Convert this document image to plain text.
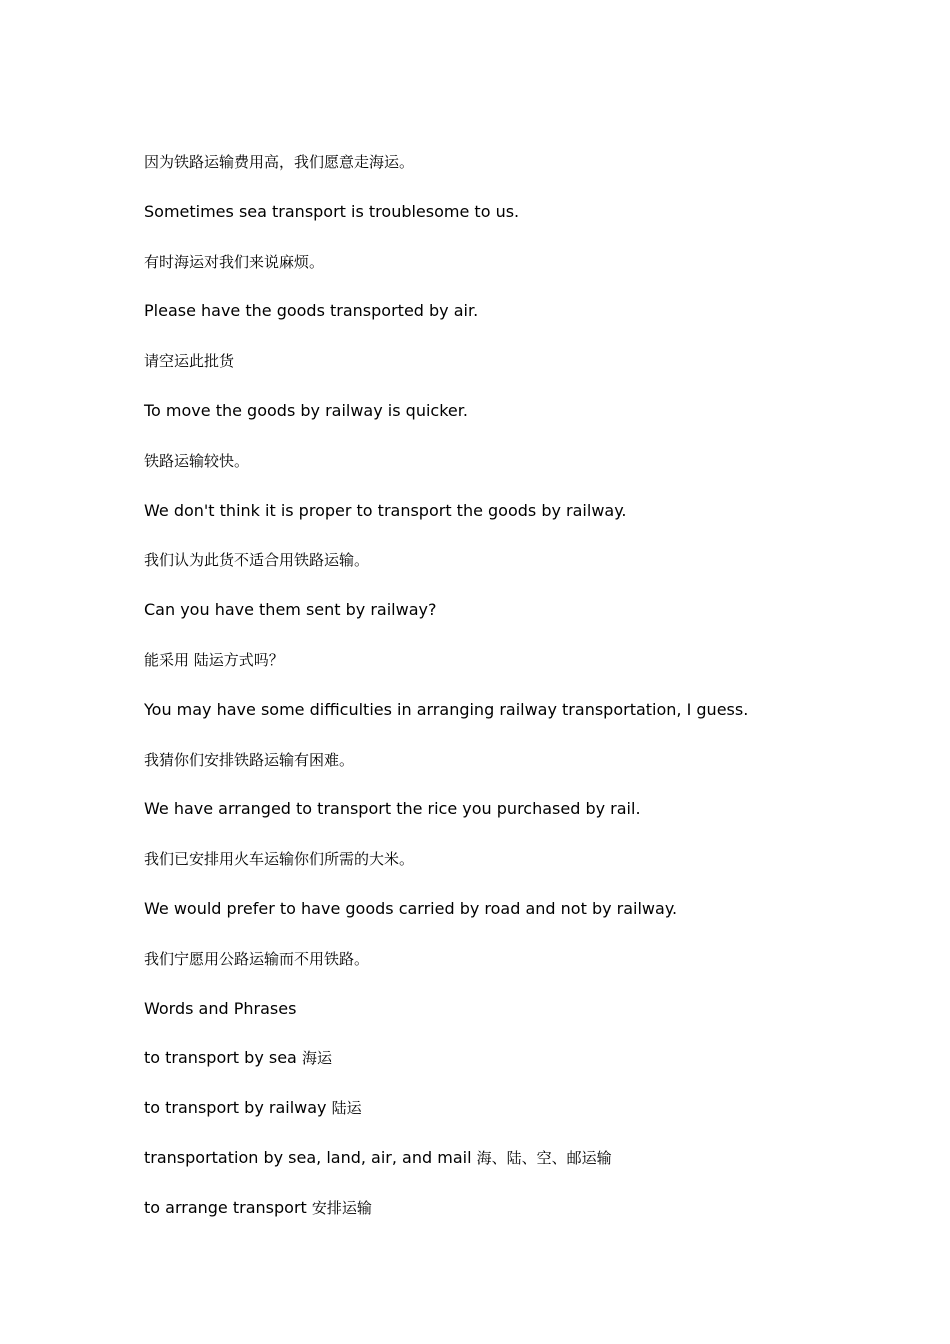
因为铁路运输费用高，我们愿意走海运。
Sometimes sea transport is troublesome to us.
有时海运对我们来说麻烦。
Please have the goods transported by air.
请空运此批货
To move the goods by railway is quicker.
铁路运输较快。
We don't think it is proper to transport the goods by railway.
我们认为此货不适合用铁路运输。
Can you have them sent by railway?
能采用 陆运方式吗？
You may have some difficulties in arranging railway transportation, I guess.
我猜你们安排铁路运输有困难。
We have arranged to transport the rice you purchased by rail.
我们已安排用火车运输你们所需的大米。
We would prefer to have goods carried by road and not by railway.
我们宁愿用公路运输而不用铁路。
Words and Phrases
to transport by sea 海运
to transport by railway 陆运
transportation by sea, land, air, and mail 海、陆、空、邮运输
to arrange transport 安排运输
